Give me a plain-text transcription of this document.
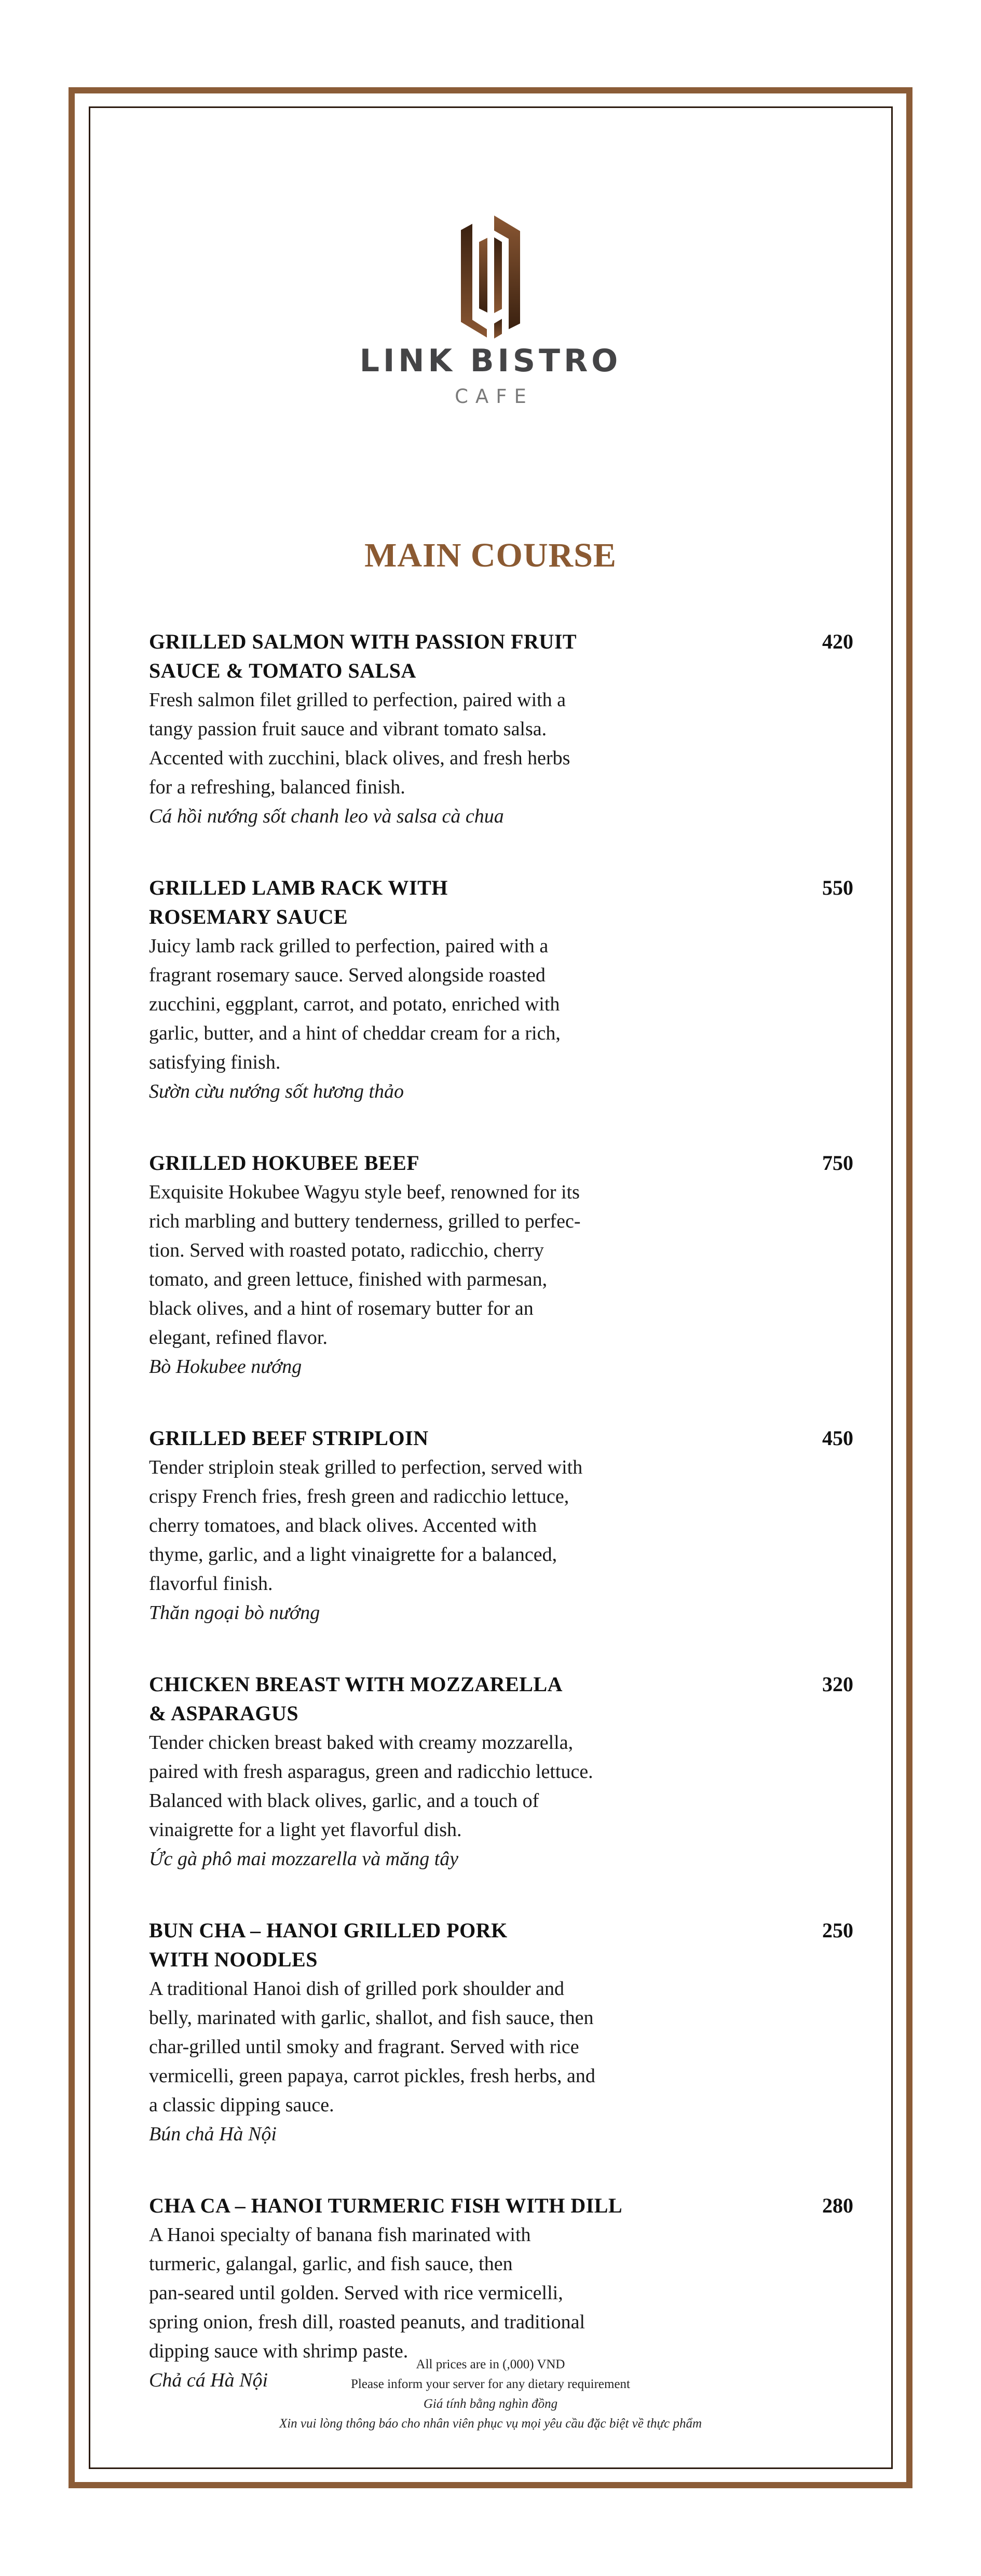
LINK BISTRO
CAFE
MAIN COURSE
GRILLED SALMON WITH PASSION FRUIT
SAUCE & TOMATO SALSA
420
Fresh salmon filet grilled to perfection, paired with a
tangy passion fruit sauce and vibrant tomato salsa.
Accented with zucchini, black olives, and fresh herbs
for a refreshing, balanced finish.
Cá hồi nướng sốt chanh leo và salsa cà chua
GRILLED LAMB RACK WITH
ROSEMARY SAUCE
550
Juicy lamb rack grilled to perfection, paired with a
fragrant rosemary sauce. Served alongside roasted
zucchini, eggplant, carrot, and potato, enriched with
garlic, butter, and a hint of cheddar cream for a rich,
satisfying finish.
Sườn cừu nướng sốt hương thảo
GRILLED HOKUBEE BEEF	750
Exquisite Hokubee Wagyu style beef, renowned for its
rich marbling and buttery tenderness, grilled to perfec-
tion. Served with roasted potato, radicchio, cherry
tomato, and green lettuce, finished with parmesan,
black olives, and a hint of rosemary butter for an
elegant, refined flavor.
Bò Hokubee nướng
GRILLED BEEF STRIPLOIN	450
Tender striploin steak grilled to perfection, served with
crispy French fries, fresh green and radicchio lettuce,
cherry tomatoes, and black olives. Accented with
thyme, garlic, and a light vinaigrette for a balanced,
flavorful finish.
Thăn ngoại bò nướng
CHICKEN BREAST WITH MOZZARELLA
& ASPARAGUS
320
Tender chicken breast baked with creamy mozzarella,
paired with fresh asparagus, green and radicchio lettuce.
Balanced with black olives, garlic, and a touch of
vinaigrette for a light yet flavorful dish.
Ức gà phô mai mozzarella và măng tây
BUN CHA – HANOI GRILLED PORK
WITH NOODLES
250
A traditional Hanoi dish of grilled pork shoulder and
belly, marinated with garlic, shallot, and fish sauce, then
char-grilled until smoky and fragrant. Served with rice
vermicelli, green papaya, carrot pickles, fresh herbs, and
a classic dipping sauce.
Bún chả Hà Nội
CHA CA – HANOI TURMERIC FISH WITH DILL	280
A Hanoi specialty of banana fish marinated with
turmeric, galangal, garlic, and fish sauce, then
pan-seared until golden. Served with rice vermicelli,
spring onion, fresh dill, roasted peanuts, and traditional
dipping sauce with shrimp paste.
Chả cá Hà Nội
All prices are in (,000) VND
Please inform your server for any dietary requirement
Giá tính bằng nghìn đồng
Xin vui lòng thông báo cho nhân viên phục vụ mọi yêu cầu đặc biệt về thực phẩm
